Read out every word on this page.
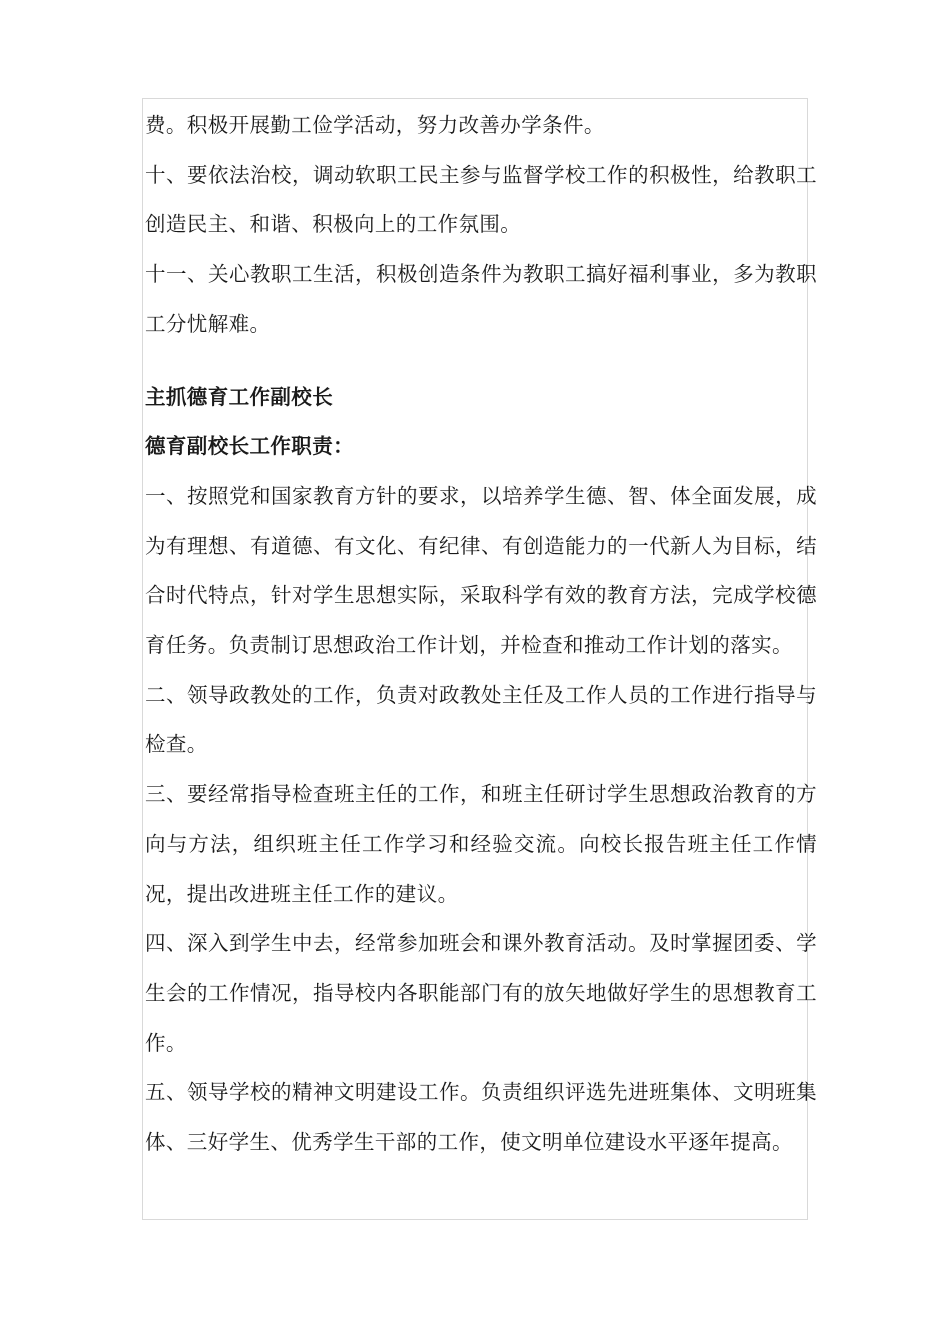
费。积极开展勤工俭学活动，努力改善办学条件。

十、要依法治校，调动软职工民主参与监督学校工作的积极性，给教职工创造民主、和谐、积极向上的工作氛围。

十一、关心教职工生活，积极创造条件为教职工搞好福利事业，多为教职工分忧解难。

主抓德育工作副校长

德育副校长工作职责：

一、按照党和国家教育方针的要求，以培养学生德、智、体全面发展，成为有理想、有道德、有文化、有纪律、有创造能力的一代新人为目标，结合时代特点，针对学生思想实际，采取科学有效的教育方法，完成学校德育任务。负责制订思想政治工作计划，并检查和推动工作计划的落实。

二、领导政教处的工作，负责对政教处主任及工作人员的工作进行指导与检查。

三、要经常指导检查班主任的工作，和班主任研讨学生思想政治教育的方向与方法，组织班主任工作学习和经验交流。向校长报告班主任工作情况，提出改进班主任工作的建议。

四、深入到学生中去，经常参加班会和课外教育活动。及时掌握团委、学生会的工作情况，指导校内各职能部门有的放矢地做好学生的思想教育工作。

五、领导学校的精神文明建设工作。负责组织评选先进班集体、文明班集体、三好学生、优秀学生干部的工作，使文明单位建设水平逐年提高。
